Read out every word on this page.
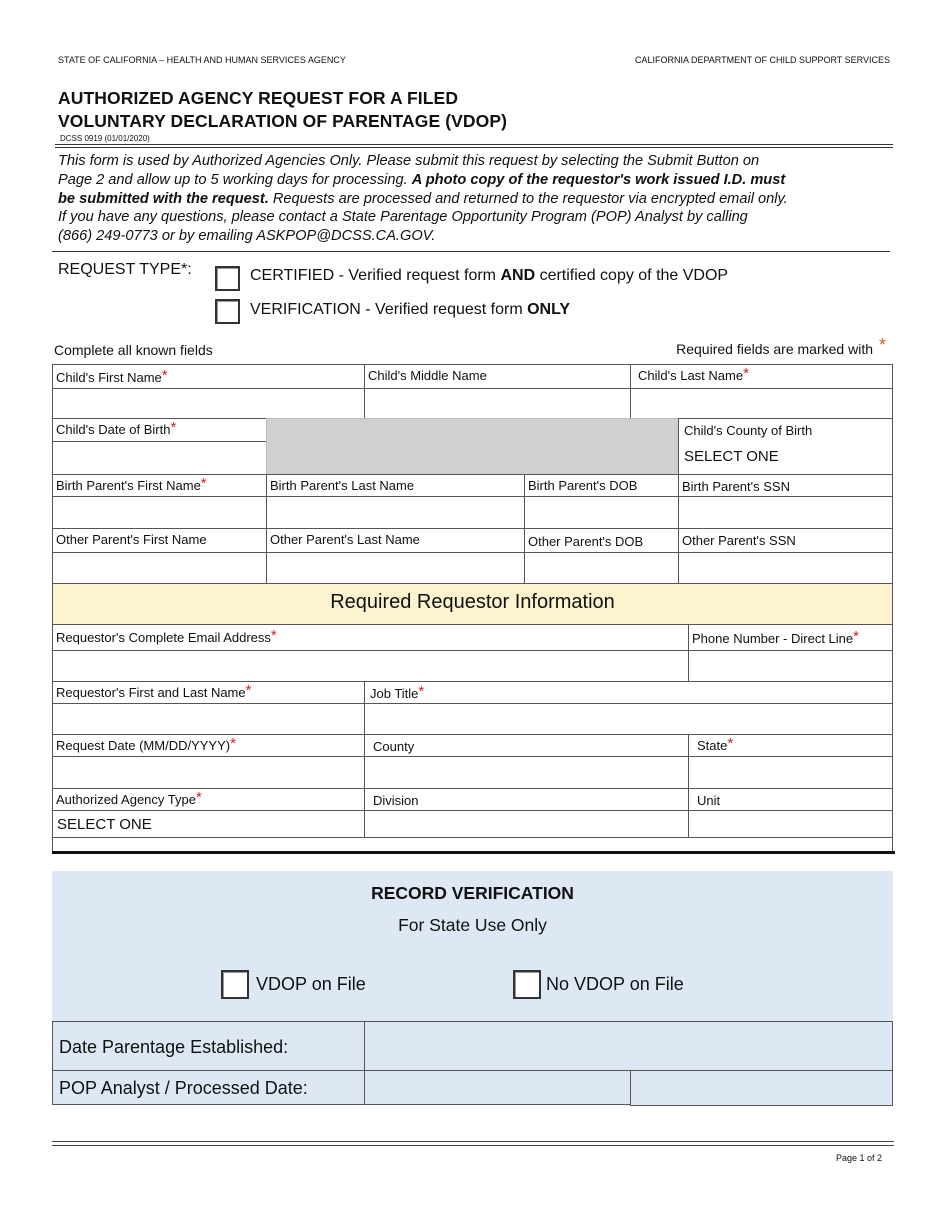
STATE OF CALIFORNIA – HEALTH AND HUMAN SERVICES AGENCY	CALIFORNIA DEPARTMENT OF CHILD SUPPORT SERVICES
AUTHORIZED AGENCY REQUEST FOR A FILED
VOLUNTARY DECLARATION OF PARENTAGE (VDOP)
DCSS 0919 (01/01/2020)
This form is used by Authorized Agencies Only. Please submit this request by selecting the Submit Button on
Page 2 and allow up to 5 working days for processing. A photo copy of the requestor's work issued I.D. must
be submitted with the request. Requests are processed and returned to the requestor via encrypted email only.
If you have any questions, please contact a State Parentage Opportunity Program (POP) Analyst by calling
(866) 249-0773 or by emailing ASKPOP@DCSS.CA.GOV.
REQUEST TYPE*:	CERTIFIED - Verified request form AND certified copy of the VDOP
VERIFICATION - Verified request form ONLY
Complete all known fields	Required fields are marked with *
Child's First Name*	Child's Middle Name	Child's Last Name*
Child's Date of Birth*	Child's County of Birth
SELECT ONE
Birth Parent's First Name*	Birth Parent's Last Name	Birth Parent's DOB	Birth Parent's SSN
Other Parent's First Name	Other Parent's Last Name	Other Parent's DOB	Other Parent's SSN
Required Requestor Information
Requestor's Complete Email Address*	Phone Number - Direct Line*
Requestor's First and Last Name*	Job Title*
Request Date (MM/DD/YYYY)*	County	State*
Authorized Agency Type*	Division	Unit
SELECT ONE
RECORD VERIFICATION
For State Use Only
VDOP on File	No VDOP on File
Date Parentage Established:
POP Analyst / Processed Date:
Page 1 of 2
